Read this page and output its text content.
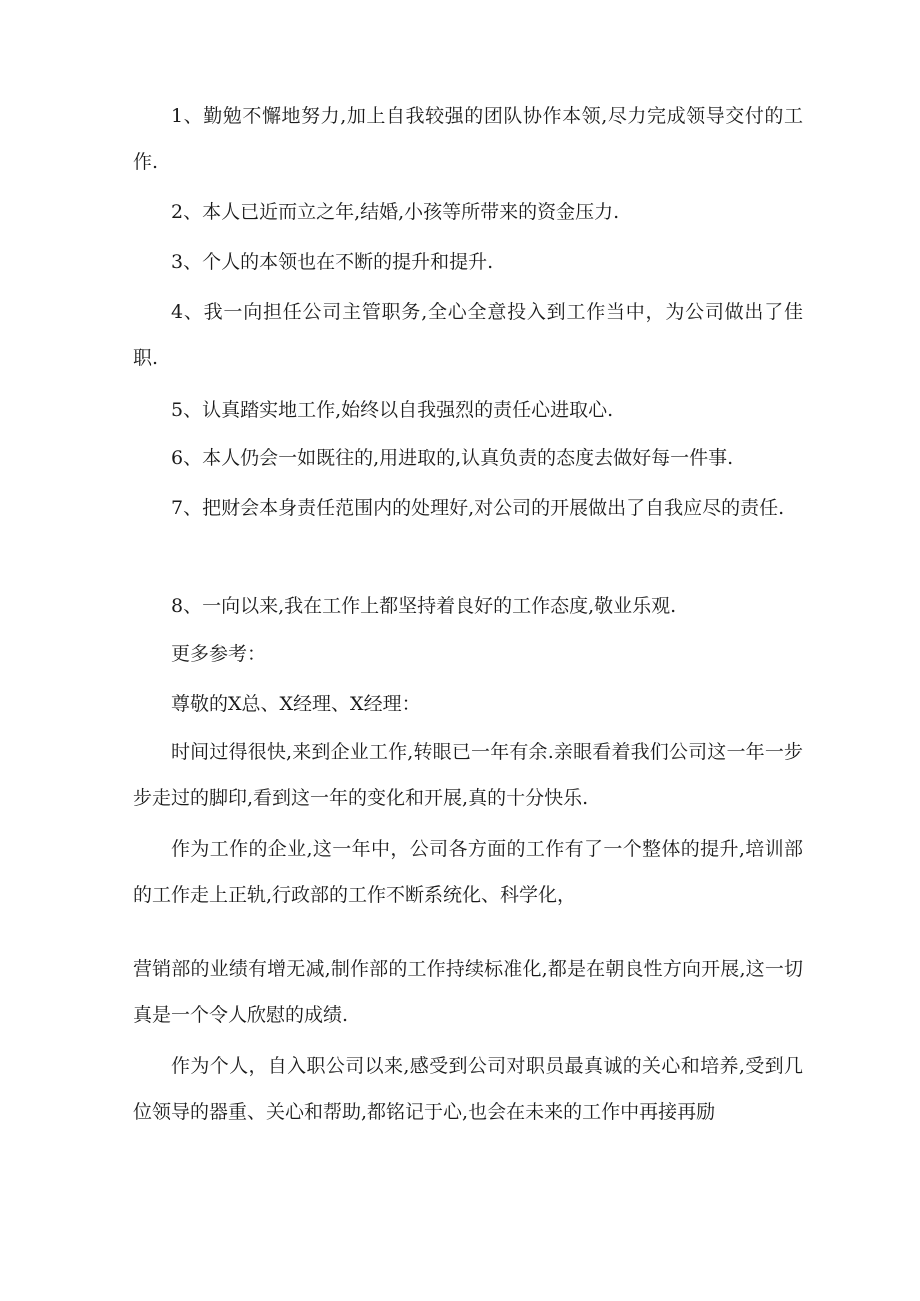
1、勤勉不懈地努力,加上自我较强的团队协作本领,尽力完成领导交付的工作.

2、本人已近而立之年,结婚,小孩等所带来的资金压力.

3、个人的本领也在不断的提升和提升.

4、我一向担任公司主管职务,全心全意投入到工作当中，为公司做出了佳职.

5、认真踏实地工作,始终以自我强烈的责任心进取心.

6、本人仍会一如既往的,用进取的,认真负责的态度去做好每一件事.

7、把财会本身责任范围内的处理好,对公司的开展做出了自我应尽的责任.

8、一向以来,我在工作上都坚持着良好的工作态度,敬业乐观.

更多参考：

尊敬的X总、X经理、X经理：

时间过得很快,来到企业工作,转眼已一年有余.亲眼看着我们公司这一年一步步走过的脚印,看到这一年的变化和开展,真的十分快乐.

作为工作的企业,这一年中，公司各方面的工作有了一个整体的提升,培训部的工作走上正轨,行政部的工作不断系统化、科学化，

营销部的业绩有增无减,制作部的工作持续标准化,都是在朝良性方向开展,这一切真是一个令人欣慰的成绩.

作为个人，自入职公司以来,感受到公司对职员最真诚的关心和培养,受到几位领导的器重、关心和帮助,都铭记于心,也会在未来的工作中再接再励
